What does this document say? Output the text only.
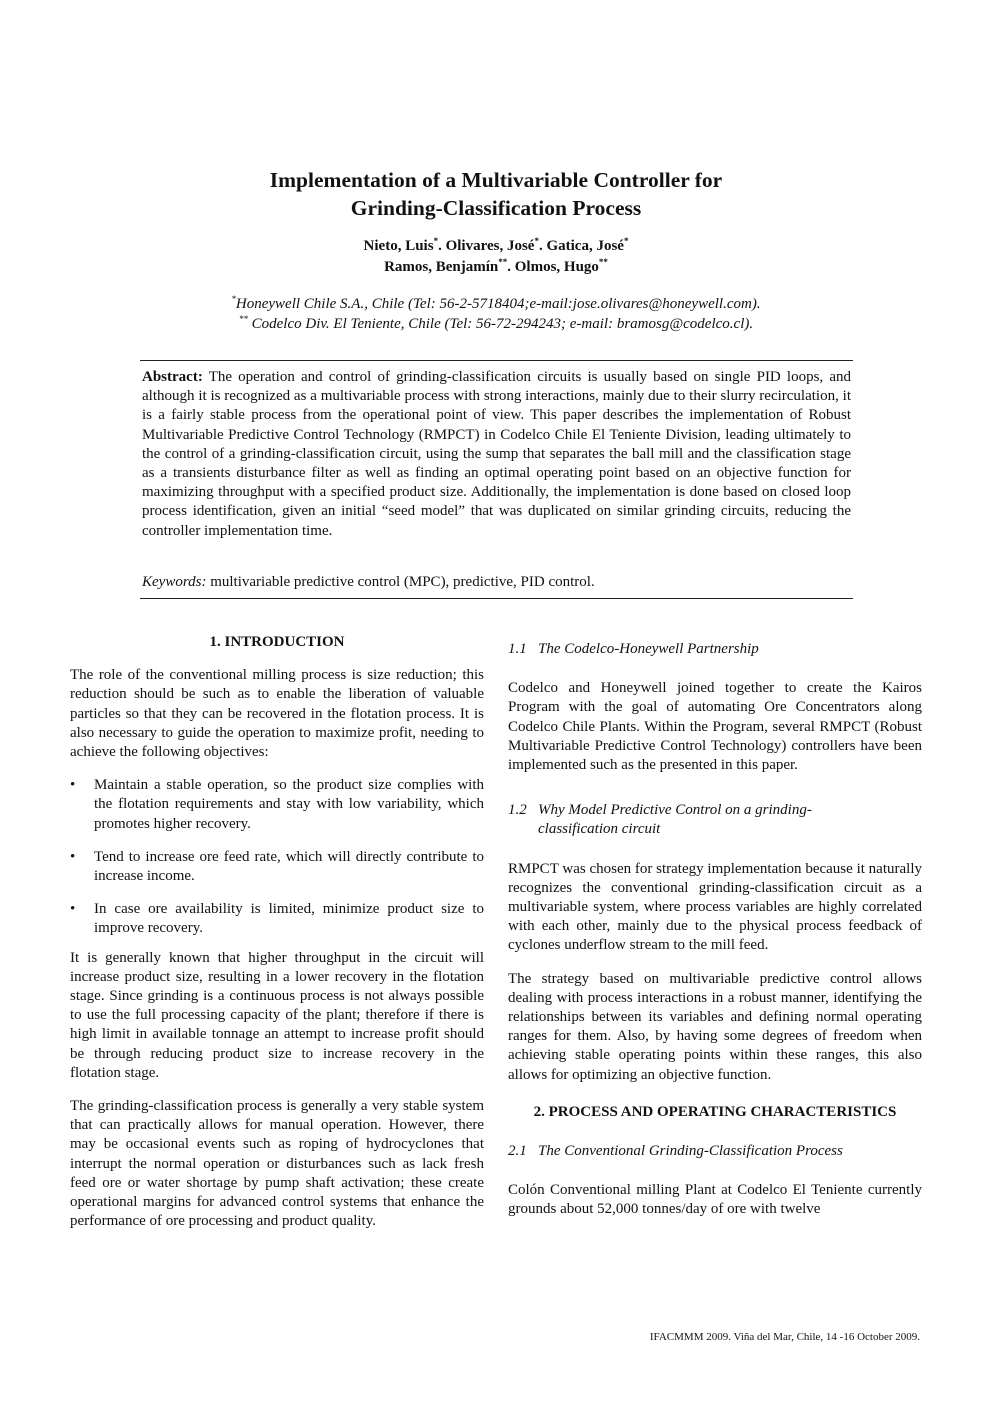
Implementation of a Multivariable Controller for
Grinding-Classification Process
Nieto, Luis*. Olivares, José*. Gatica, José*
Ramos, Benjamín**. Olmos, Hugo**
*Honeywell Chile S.A., Chile (Tel: 56-2-5718404;e-mail:jose.olivares@honeywell.com).
** Codelco Div. El Teniente, Chile (Tel: 56-72-294243; e-mail: bramosg@codelco.cl).
Abstract: The operation and control of grinding-classification circuits is usually based on single PID loops, and although it is recognized as a multivariable process with strong interactions, mainly due to their slurry recirculation, it is a fairly stable process from the operational point of view. This paper describes the implementation of Robust Multivariable Predictive Control Technology (RMPCT) in Codelco Chile El Teniente Division, leading ultimately to the control of a grinding-classification circuit, using the sump that separates the ball mill and the classification stage as a transients disturbance filter as well as finding an optimal operating point based on an objective function for maximizing throughput with a specified product size. Additionally, the implementation is done based on closed loop process identification, given an initial “seed model” that was duplicated on similar grinding circuits, reducing the controller implementation time.
Keywords: multivariable predictive control (MPC), predictive, PID control.
1. INTRODUCTION

The role of the conventional milling process is size reduction; this reduction should be such as to enable the liberation of valuable particles so that they can be recovered in the flotation process. It is also necessary to guide the operation to maximize profit, needing to achieve the following objectives:

• Maintain a stable operation, so the product size complies with the flotation requirements and stay with low variability, which promotes higher recovery.
• Tend to increase ore feed rate, which will directly contribute to increase income.
• In case ore availability is limited, minimize product size to improve recovery.

It is generally known that higher throughput in the circuit will increase product size, resulting in a lower recovery in the flotation stage. Since grinding is a continuous process is not always possible to use the full processing capacity of the plant; therefore if there is high limit in available tonnage an attempt to increase profit should be through reducing product size to increase recovery in the flotation stage.

The grinding-classification process is generally a very stable system that can practically allows for manual operation. However, there may be occasional events such as roping of hydrocyclones that interrupt the normal operation or disturbances such as lack fresh feed ore or water shortage by pump shaft activation; these create operational margins for advanced control systems that enhance the performance of ore processing and product quality.

1.1 The Codelco-Honeywell Partnership

Codelco and Honeywell joined together to create the Kairos Program with the goal of automating Ore Concentrators along Codelco Chile Plants. Within the Program, several RMPCT (Robust Multivariable Predictive Control Technology) controllers have been implemented such as the presented in this paper.

1.2 Why Model Predictive Control on a grinding-
classification circuit

RMPCT was chosen for strategy implementation because it naturally recognizes the conventional grinding-classification circuit as a multivariable system, where process variables are highly correlated with each other, mainly due to the physical process feedback of cyclones underflow stream to the mill feed.

The strategy based on multivariable predictive control allows dealing with process interactions in a robust manner, identifying the relationships between its variables and defining normal operating ranges for them. Also, by having some degrees of freedom when achieving stable operating points within these ranges, this also allows for optimizing an objective function.

2. PROCESS AND OPERATING CHARACTERISTICS
2.1 The Conventional Grinding-Classification Process

Colón Conventional milling Plant at Codelco El Teniente currently grounds about 52,000 tonnes/day of ore with twelve

IFACMMM 2009. Viña del Mar, Chile, 14 -16 October 2009.
